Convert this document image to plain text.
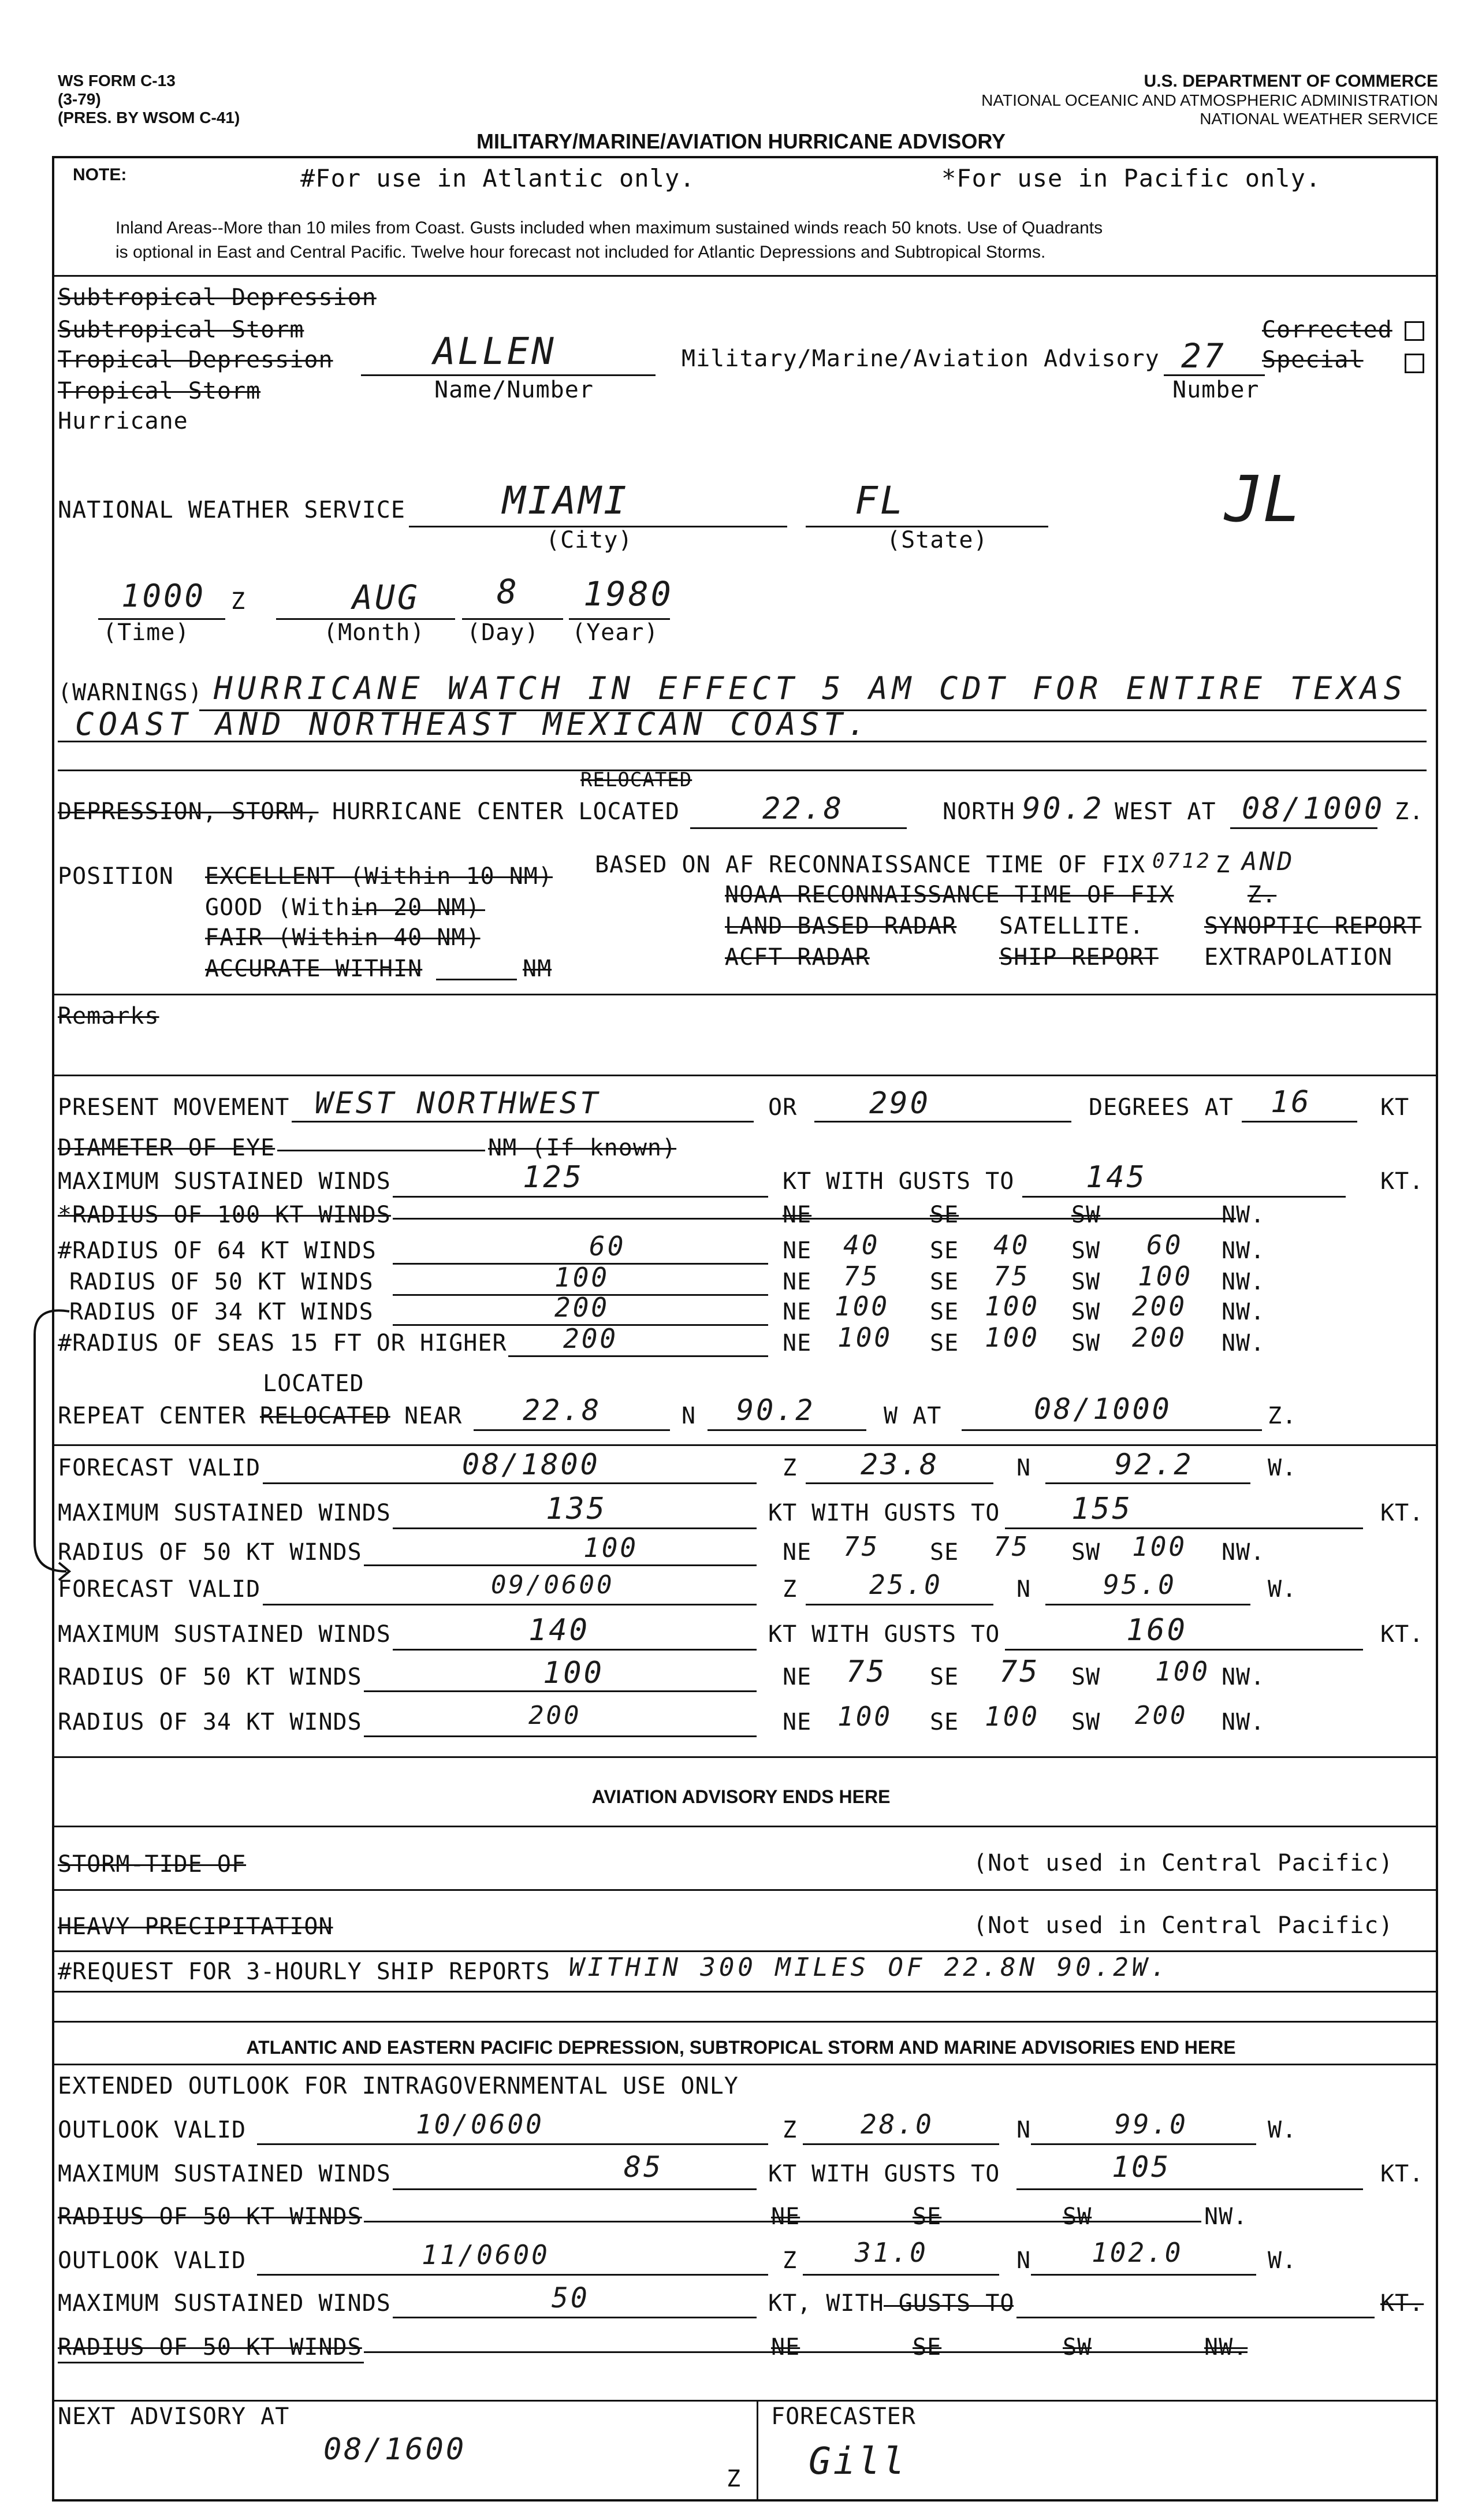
WS FORM C-13
(3-79)
(PRES. BY WSOM C-41)
U.S. DEPARTMENT OF COMMERCE
NATIONAL OCEANIC AND ATMOSPHERIC ADMINISTRATION
NATIONAL WEATHER SERVICE
MILITARY/MARINE/AVIATION HURRICANE ADVISORY
NOTE:	#For use in Atlantic only.	*For use in Pacific only.
Inland Areas--More than 10 miles from Coast. Gusts included when maximum sustained winds reach 50 knots. Use of Quadrants
is optional in East and Central Pacific. Twelve hour forecast not included for Atlantic Depressions and Subtropical Storms.
Subtropical Depression
Subtropical Storm
Tropical Depression
Tropical Storm
Hurricane
ALLEN
Name/Number
Military/Marine/Aviation Advisory 27
Number
Corrected
Special
NATIONAL WEATHER SERVICE	MIAMI
(City)
FL
(State)
JL
1000 Z
(Time)
AUG
(Month)
8
(Day)
1980
(Year)
(WARNINGS) HURRICANE WATCH IN EFFECT 5 AM CDT FOR ENTIRE TEXAS
COAST AND NORTHEAST MEXICAN COAST.
RELOCATED
DEPRESSION, STORM, HURRICANE CENTER LOCATED	22.8	NORTH 90.2 WEST AT 08/1000 Z.
POSITION EXCELLENT (Within 10 NM)
GOOD (Within 20 NM)
FAIR (Within 40 NM)
ACCURATE WITHIN	NM
BASED ON AF RECONNAISSANCE TIME OF FIX 0712 Z AND
NOAA RECONNAISSANCE TIME OF FIX	Z.
LAND BASED RADAR SATELLITE.	SYNOPTIC REPORT
ACFT RADAR	SHIP REPORT EXTRAPOLATION
Remarks
PRESENT MOVEMENT WEST NORTHWEST	OR 290	DEGREES AT 16	KT
DIAMETER OF EYE	NM (If known)
MAXIMUM SUSTAINED WINDS	125	KT WITH GUSTS TO 145	KT.
*RADIUS OF 100 KT WINDS	NE	SE	SW	NW.
#RADIUS OF 64 KT WINDS	60	NE 40 SE 40 SW 60 NW.
RADIUS OF 50 KT WINDS	100	NE 75 SE 75 SW 100 NW.
RADIUS OF 34 KT WINDS	200	NE 100 SE 100 SW 200 NW.
#RADIUS OF SEAS 15 FT OR HIGHER 200	NE 100 SE 100 SW 200 NW.
LOCATED
REPEAT CENTER RELOCATED NEAR 22.8	N 90.2	W AT	08/1000	Z.
FORECAST VALID	08/1800	Z 23.8	N	92.2	W.
MAXIMUM SUSTAINED WINDS	135	KT WITH GUSTS TO 155	KT.
RADIUS OF 50 KT WINDS	100	NE 75 SE 75 SW 100 NW.
FORECAST VALID	09/0600	Z	25.0	N	95.0	W.
MAXIMUM SUSTAINED WINDS	140	KT WITH GUSTS TO	160	KT.
RADIUS OF 50 KT WINDS	100	NE 75 SE 75 SW 100 NW.
RADIUS OF 34 KT WINDS	200	NE 100 SE 100 SW 200 NW.
AVIATION ADVISORY ENDS HERE
STORM-TIDE OF	(Not used in Central Pacific)
HEAVY PRECIPITATION	(Not used in Central Pacific)
#REQUEST FOR 3-HOURLY SHIP REPORTS WITHIN 300 MILES OF 22.8N 90.2W.
ATLANTIC AND EASTERN PACIFIC DEPRESSION, SUBTROPICAL STORM AND MARINE ADVISORIES END HERE
EXTENDED OUTLOOK FOR INTRAGOVERNMENTAL USE ONLY
OUTLOOK VALID	10/0600	Z 28.0	N	99.0	W.
MAXIMUM SUSTAINED WINDS	85	KT WITH GUSTS TO	105	KT.
RADIUS OF 50 KT WINDS	NE	SE	SW	NW.
OUTLOOK VALID	11/0600	Z 31.0	N 102.0	W.
MAXIMUM SUSTAINED WINDS	50	KT, WITH GUSTS TO	KT.
RADIUS OF 50 KT WINDS	NE	SE	SW	NW.
NEXT ADVISORY AT
08/1600
Z
FORECASTER
Gill
